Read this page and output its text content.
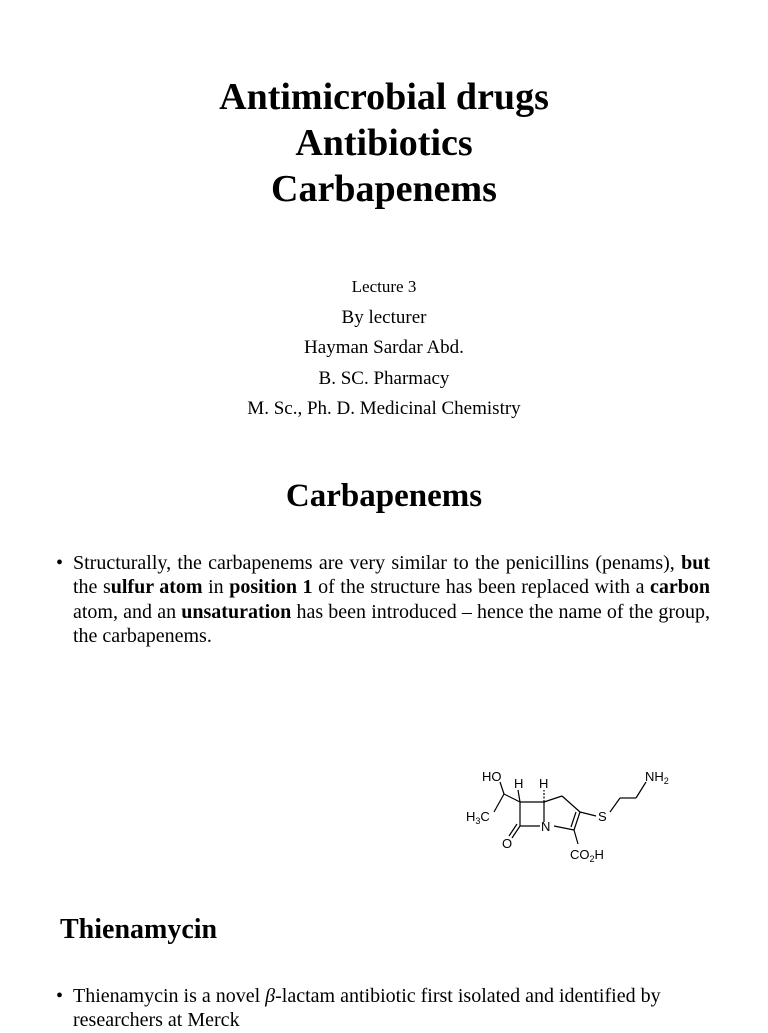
Antimicrobial drugs
Antibiotics
Carbapenems
Lecture 3
By lecturer
Hayman Sardar Abd.
B. SC. Pharmacy
M. Sc., Ph. D. Medicinal Chemistry
Carbapenems
• Structurally, the carbapenems are very similar to the penicillins (penams), but the sulfur atom in position 1 of the structure has been replaced with a carbon atom, and an unsaturation has been introduced – hence the name of the group, the carbapenems.
HO H H
$H_3C$
O
N
S
$NH_2$
$CO_2H$
Thienamycin
• Thienamycin is a novel β-lactam antibiotic first isolated and identified by researchers at Merck
